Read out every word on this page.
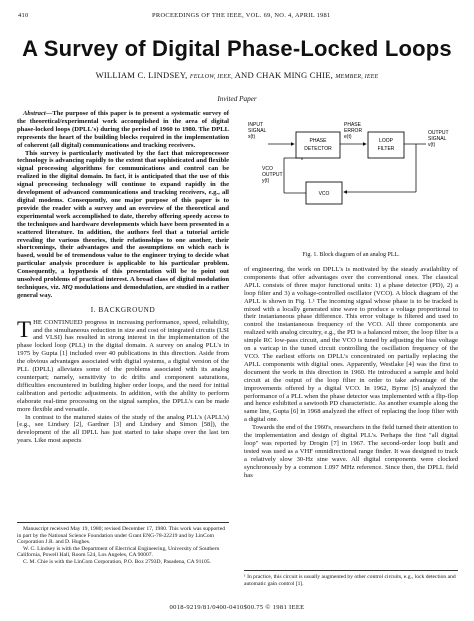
410	PROCEEDINGS OF THE IEEE, VOL. 69, NO. 4, APRIL 1981

A Survey of Digital Phase-Locked Loops
WILLIAM C. LINDSEY, FELLOW, IEEE, AND CHAK MING CHIE, MEMBER, IEEE
Invited Paper

Abstract—The purpose of this paper is to present a systematic survey of the theoretical/experimental work accomplished in the area of digital phase-locked loops (DPLL's) during the period of 1960 to 1980. The DPLL represents the heart of the building blocks required in the implementation of coherent (all digital) communications and tracking receivers.

This survey is particularly motivated by the fact that microprocessor technology is advancing rapidly to the extent that sophisticated and flexible signal processing algorithms for communications and control can be realized in the digital domain. In fact, it is anticipated that the use of this signal processing technology will continue to expand rapidly in the development of advanced communications and tracking receivers, e.g., all digital modems. Consequently, one major purpose of this paper is to provide the reader with a survey and an overview of the theoretical and experimental work accomplished to date, thereby offering speedy access to the techniques and hardware developments which have been presented in a scattered literature. In addition, the authors feel that a tutorial article revealing the various theories, their relationships to one another, their shortcomings, their advantages and the assumptions on which each is based, would be of tremendous value to the engineer trying to decide what particular analysis procedure is applicable to his particular problem. Consequently, a hypothesis of this presentation will be to point out unsolved problems of practical interest. A broad class of digital modulation techniques, viz. MQ modulations and demodulation, are studied in a rather general way.

I. BACKGROUND

THE CONTINUED progress in increasing performance, speed, reliability, and the simultaneous reduction in size and cost of integrated circuits (LSI and VLSI) has resulted in strong interest in the implementation of the phase locked loop (PLL) in the digital domain. A survey on analog PLL's in 1975 by Gupta [1] included over 40 publications in this direction. Aside from the obvious advantages associated with digital systems, a digital version of the PLL (DPLL) alleviates some of the problems associated with its analog counterpart; namely, sensitivity to dc drifts and component saturations, difficulties encountered in building higher order loops, and the need for initial calibration and periodic adjustments. In addition, with the ability to perform elaborate real-time processing on the signal samples, the DPLL's can be made more flexible and versatile.

In contrast to the matured states of the study of the analog PLL's (APLL's) [e.g., see Lindsey [2], Gardner [3] and Lindsey and Simon [58]), the development of the all DPLL has just started to take shape over the last ten years. Like most aspects

Manuscript received May 19, 1980; revised December 17, 1980. This work was supported in part by the National Science Foundation under Grant ENG-78-22219 and by LinCom Corporation J.R. and D. Hughes.

W. C. Lindsey is with the Department of Electrical Engineering, University of Southern California, Powell Hall, Room 524, Los Angeles, CA 90007.

C. M. Chie is with the LinCom Corporation, P.O. Box 2793D, Pasadena, CA 91105.

INPUT
SIGNAL
x(t)
PHASE
DETECTOR
PHASE
ERROR
e(t)
LOOP
FILTER
OUTPUT
SIGNAL
v(t)
VCO
VCO
OUTPUT
y(t)
Fig. 1. Block diagram of an analog PLL.

of engineering, the work on DPLL's is motivated by the steady availability of components that offer advantages over the conventional ones. The classical APLL consists of three major functional units: 1) a phase detector (PD), 2) a loop filter and 3) a voltage-controlled oscillator (VCO). A block diagram of the APLL is shown in Fig. 1.¹ The incoming signal whose phase is to be tracked is mixed with a locally generated sine wave to produce a voltage proportional to their instantaneous phase difference. This error voltage is filtered and used to control the instantaneous frequency of the VCO. All three components are realized with analog circuitry, e.g., the PD is a balanced mixer, the loop filter is a simple RC low-pass circuit, and the VCO is tuned by adjusting the bias voltage on a varicap in the tuned circuit controlling the oscillation frequency of the VCO. The earliest efforts on DPLL's concentrated on partially replacing the APLL components with digital ones. Apparently, Westlake [4] was the first to document the work in this direction in 1960. He introduced a sample and hold circuit at the output of the loop filter in order to take advantage of the improvements offered by a digital VCO. In 1962, Byrne [5] analyzed the performance of a PLL when the phase detector was implemented with a flip-flop and hence exhibited a sawtooth PD characteristic. As another example along the same line, Gupta [6] in 1968 analyzed the effect of replacing the loop filter with a digital one.

Towards the end of the 1960's, researchers in the field turned their attention to the implementation and design of digital PLL's. Perhaps the first "all digital loop" was reported by Drogin [7] in 1967. The second-order loop built and tested was used as a VHF omnidirectional range finder. It was designed to track a relatively slow 30-Hz sine wave. All digital components were clocked synchronously by a common 1.097 MHz reference. Since then, the DPLL field has

¹ In practice, this circuit is usually augmented by other control circuits, e.g., lock detection and automatic gain control [1].
0018-9219/81/0400-0410$00.75 © 1981 IEEE
